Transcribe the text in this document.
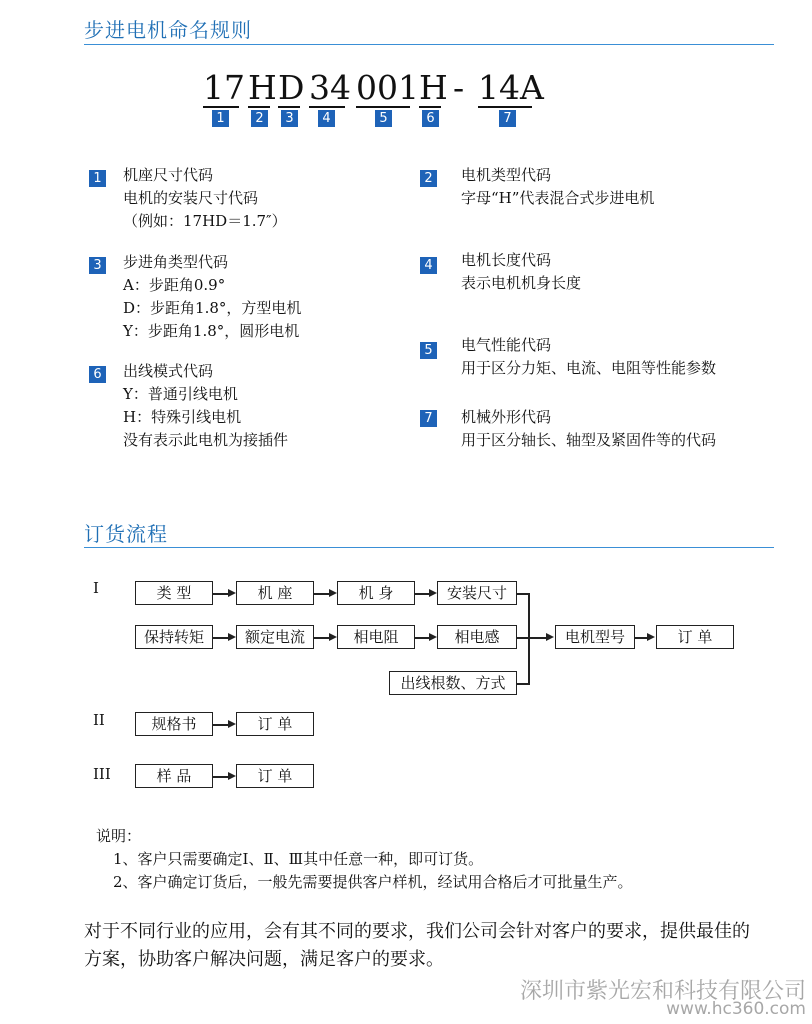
步进电机命名规则
17 H D 34 001 H - 14A
1	2	3	4	5	6	7
1 机座尺寸代码
电机的安装尺寸代码
（例如：17HD＝1.7″）
3 步进角类型代码
A：步距角0.9°
D：步距角1.8°，方型电机
Y：步距角1.8°，圆形电机
6 出线模式代码
Y：普通引线电机
H：特殊引线电机
没有表示此电机为接插件
2 电机类型代码
字母“H”代表混合式步进电机
4 电机长度代码
表示电机机身长度
5 电气性能代码
用于区分力矩、电流、电阻等性能参数
7 机械外形代码
用于区分轴长、轴型及紧固件等的代码
订货流程
I	类 型	机 座	机 身	安装尺寸
保持转矩	额定电流	相电阻	相电感
出线根数、方式
电机型号	订 单
II	规格书	订 单
III	样 品	订 单
说明：
1、客户只需要确定Ⅰ、Ⅱ、Ⅲ其中任意一种，即可订货。
2、客户确定订货后，一般先需要提供客户样机，经试用合格后才可批量生产。
对于不同行业的应用，会有其不同的要求，我们公司会针对客户的要求，提供最佳的方案，协助客户解决问题，满足客户的要求。
深圳市紫光宏和科技有限公司
www.hc360.com
